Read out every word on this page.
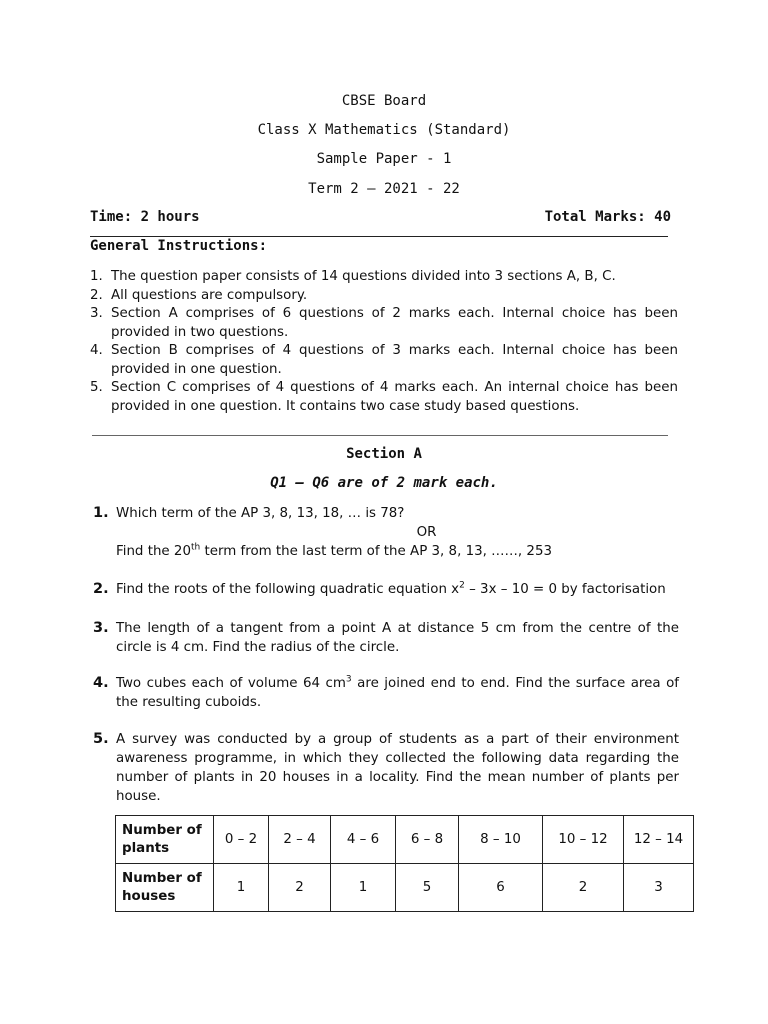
CBSE Board
Class X Mathematics (Standard)
Sample Paper - 1
Term 2 – 2021 - 22
Time: 2 hours	Total Marks: 40
General Instructions:
1. The question paper consists of 14 questions divided into 3 sections A, B, C.
2. All questions are compulsory.
3. Section A comprises of 6 questions of 2 marks each. Internal choice has been provided in two questions.
4. Section B comprises of 4 questions of 3 marks each. Internal choice has been provided in one question.
5. Section C comprises of 4 questions of 4 marks each. An internal choice has been provided in one question. It contains two case study based questions.
Section A
Q1 – Q6 are of 2 mark each.
1. Which term of the AP 3, 8, 13, 18, … is 78?
OR
Find the 20th term from the last term of the AP 3, 8, 13, ……, 253
2. Find the roots of the following quadratic equation $x^2 - 3x - 10 = 0$ by factorisation
3. The length of a tangent from a point A at distance 5 cm from the centre of the circle is 4 cm. Find the radius of the circle.
4. Two cubes each of volume 64 $cm^3$ are joined end to end. Find the surface area of the resulting cuboids.
5. A survey was conducted by a group of students as a part of their environment awareness programme, in which they collected the following data regarding the number of plants in 20 houses in a locality. Find the mean number of plants per house.
Number of plants	0 – 2	2 – 4	4 – 6	6 – 8	8 – 10	10 – 12	12 – 14
Number of houses	1	2	1	5	6	2	3
